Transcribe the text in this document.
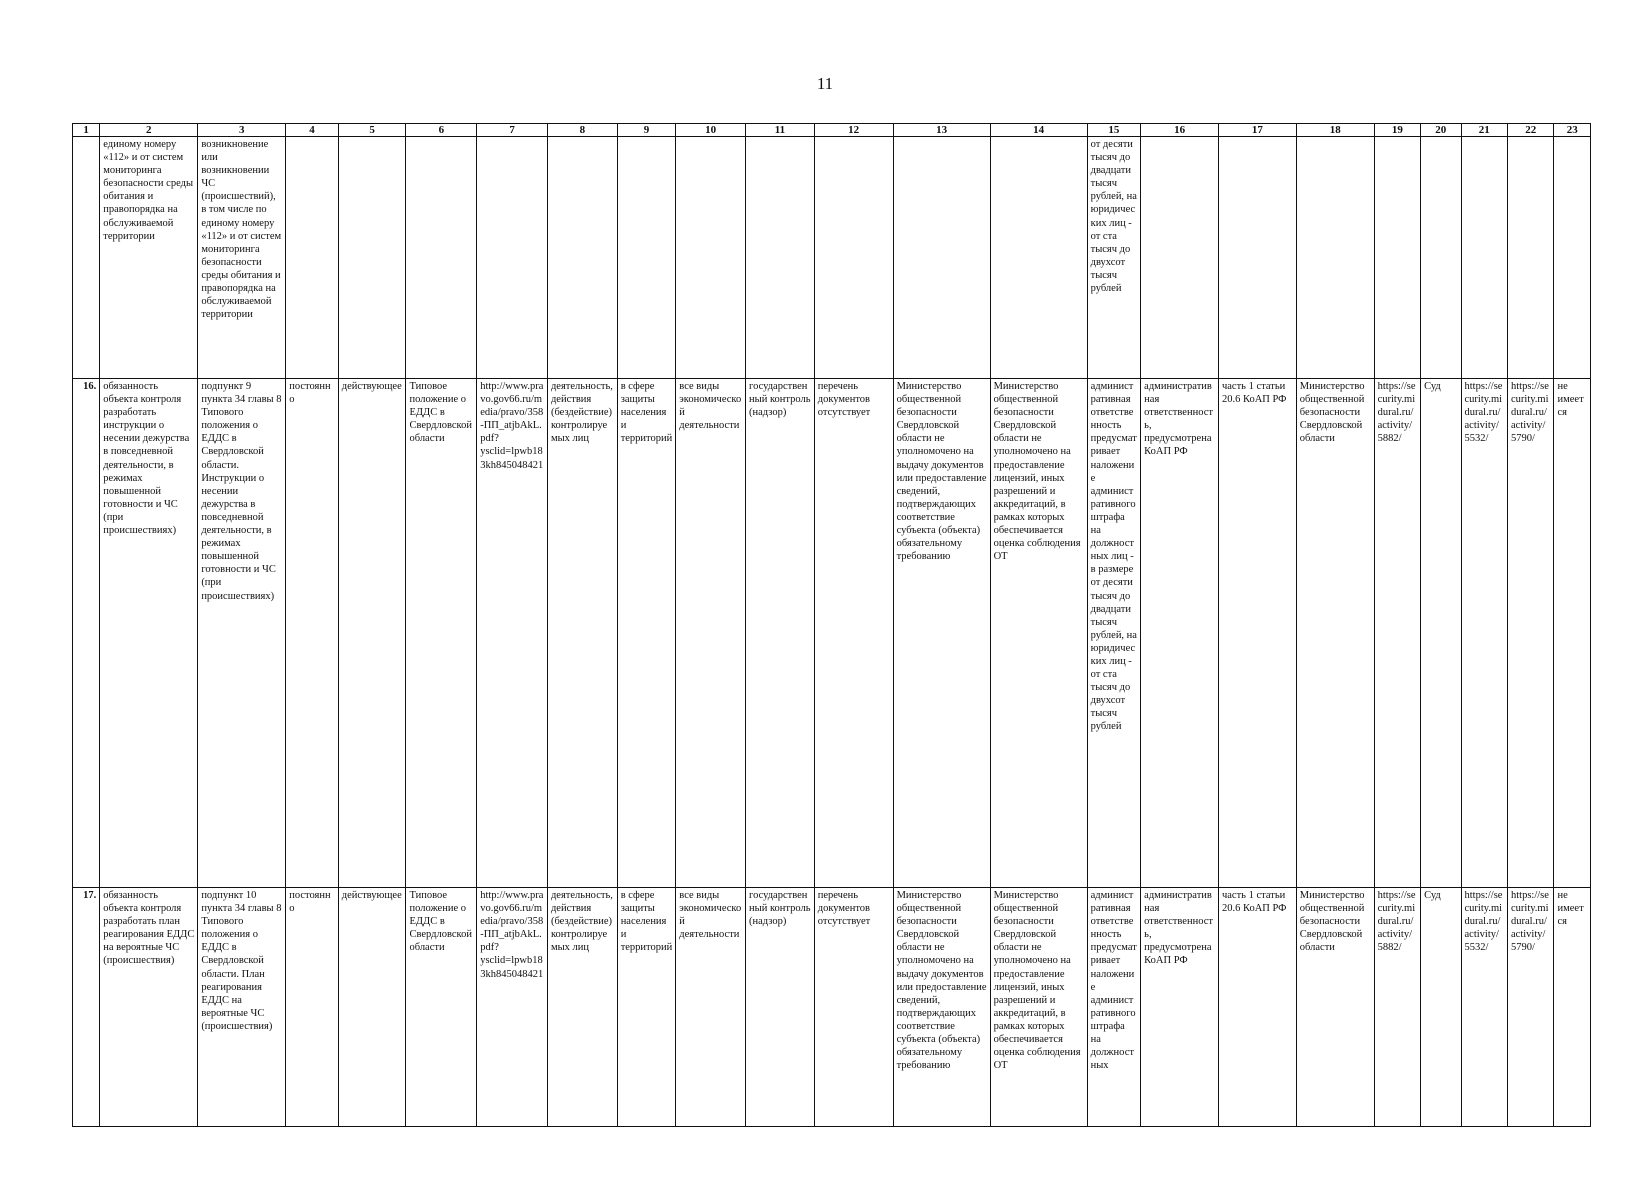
11
1	2	3	4	5	6	7	8	9	10	11	12	13	14	15	16	17	18	19	20	21	22	23
	единому номеру «112» и от систем мониторинга безопасности среды обитания и правопорядка на обслуживаемой территории	возникновение или возникновении ЧС (происшествий), в том числе по единому номеру «112» и от систем мониторинга безопасности среды обитания и правопорядка на обслуживаемой территории												от десяти тысяч до двадцати тысяч рублей, на юридических лиц - от ста тысяч до двухсот тысяч рублей								
16.	обязанность объекта контроля разработать инструкции о несении дежурства в повседневной деятельности, в режимах повышенной готовности и ЧС (при происшествиях)	подпункт 9 пункта 34 главы 8 Типового положения о ЕДДС в Свердловской области. Инструкции о несении дежурства в повседневной деятельности, в режимах повышенной готовности и ЧС (при происшествиях)	постоянно	действующее	Типовое положение о ЕДДС в Свердловской области	http://www.pravo.gov66.ru/media/pravo/358-ПП_atjbAkL.pdf?ysclid=lpwb183kh845048421	деятельность, действия (бездействие) контролируемых лиц	в сфере защиты населения и территорий	все виды экономической деятельности	государственный контроль (надзор)	перечень документов отсутствует	Министерство общественной безопасности Свердловской области не уполномочено на выдачу документов или предоставление сведений, подтверждающих соответствие субъекта (объекта) обязательному требованию	Министерство общественной безопасности Свердловской области не уполномочено на предоставление лицензий, иных разрешений и аккредитаций, в рамках которых обеспечивается оценка соблюдения ОТ	административная ответственность предусматривает наложение административного штрафа на должностных лиц - в размере от десяти тысяч до двадцати тысяч рублей, на юридических лиц - от ста тысяч до двухсот тысяч рублей	административная ответственность, предусмотрена КоАП РФ	часть 1 статьи 20.6 КоАП РФ	Министерство общественной безопасности Свердловской области	https://security.midural.ru/activity/5882/	Суд	https://security.midural.ru/activity/5532/	https://security.midural.ru/activity/5790/	не имеется
17.	обязанность объекта контроля разработать план реагирования ЕДДС на вероятные ЧС (происшествия)	подпункт 10 пункта 34 главы 8 Типового положения о ЕДДС в Свердловской области. План реагирования ЕДДС на вероятные ЧС (происшествия)	постоянно	действующее	Типовое положение о ЕДДС в Свердловской области	http://www.pravo.gov66.ru/media/pravo/358-ПП_atjbAkL.pdf?ysclid=lpwb183kh845048421	деятельность, действия (бездействие) контролируемых лиц	в сфере защиты населения и территорий	все виды экономической деятельности	государственный контроль (надзор)	перечень документов отсутствует	Министерство общественной безопасности Свердловской области не уполномочено на выдачу документов или предоставление сведений, подтверждающих соответствие субъекта (объекта) обязательному требованию	Министерство общественной безопасности Свердловской области не уполномочено на предоставление лицензий, иных разрешений и аккредитаций, в рамках которых обеспечивается оценка соблюдения ОТ	административная ответственность предусматривает наложение административного штрафа на должностных	административная ответственность, предусмотрена КоАП РФ	часть 1 статьи 20.6 КоАП РФ	Министерство общественной безопасности Свердловской области	https://security.midural.ru/activity/5882/	Суд	https://security.midural.ru/activity/5532/	https://security.midural.ru/activity/5790/	не имеется
